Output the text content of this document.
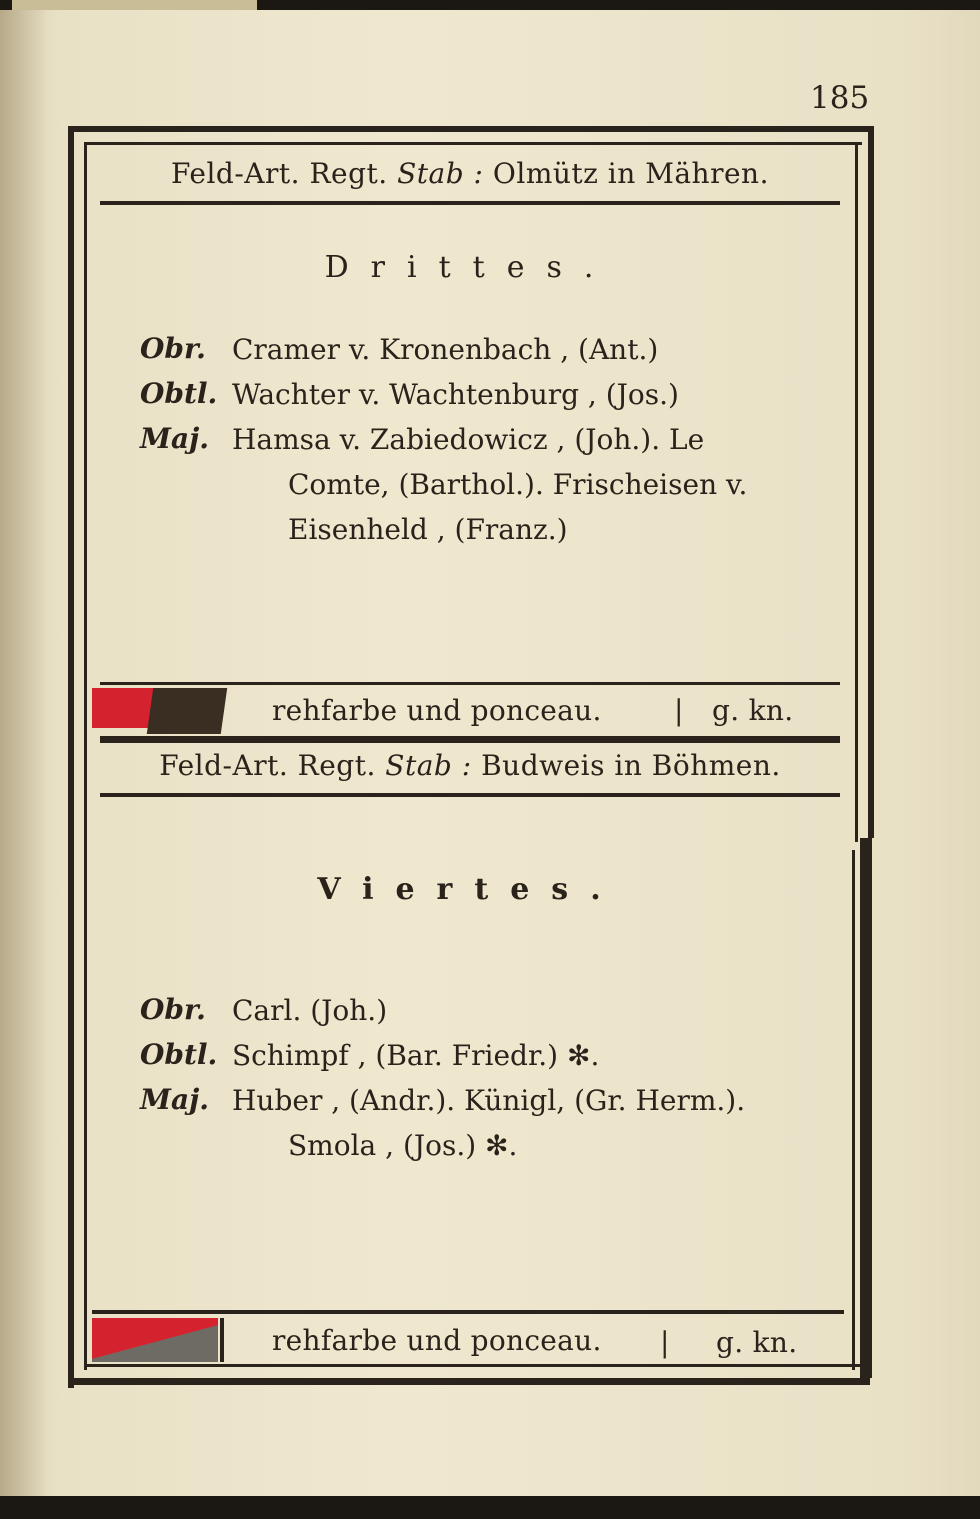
185
Feld-Art. Regt. Stab : Olmütz in Mähren.
Drittes.
Obr. Cramer v. Kronenbach , (Ant.)
Obtl. Wachter v. Wachtenburg , (Jos.)
Maj. Hamsa v. Zabiedowicz , (Joh.). Le
Comte, (Barthol.). Frischeisen v.
Eisenheld , (Franz.)
rehfarbe und ponceau.	| g. kn.
Feld-Art. Regt. Stab : Budweis in Böhmen.
Viertes.
Obr. Carl. (Joh.)
Obtl. Schimpf , (Bar. Friedr.) ✻.
Maj. Huber , (Andr.). Künigl, (Gr. Herm.).
Smola , (Jos.) ✻.
rehfarbe und ponceau. | g. kn.
